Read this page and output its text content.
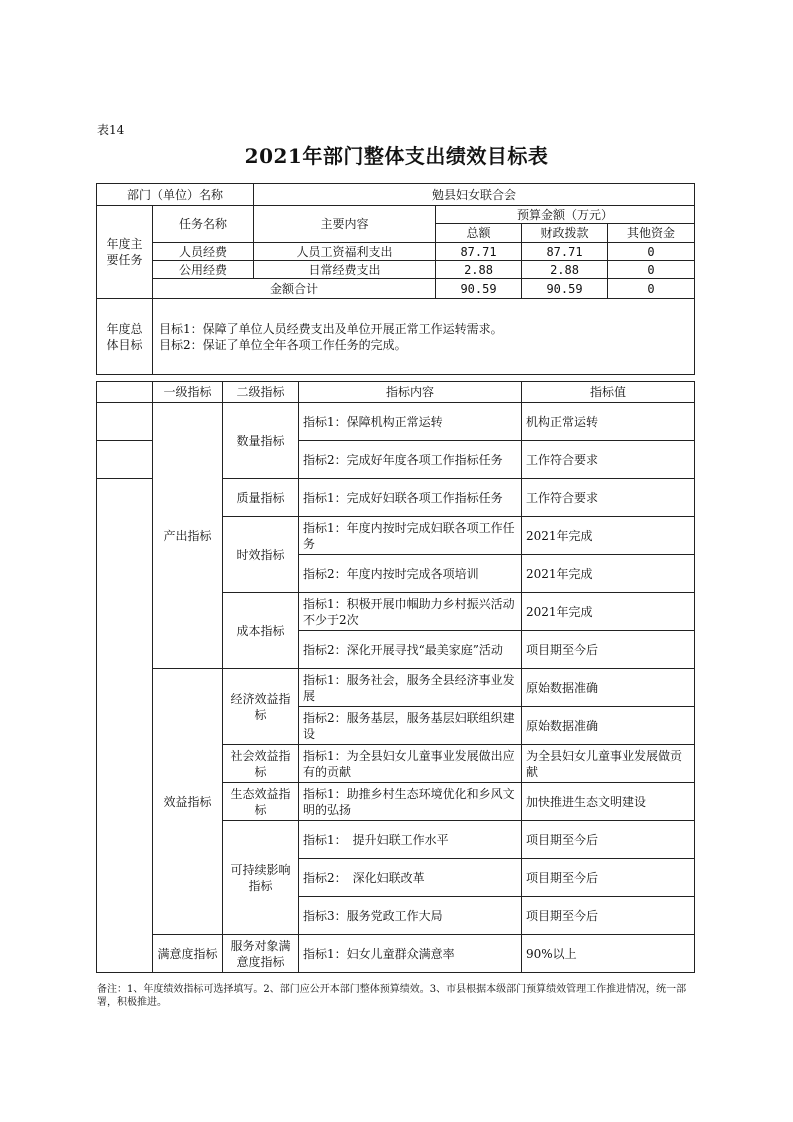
表14
2021年部门整体支出绩效目标表
部门（单位）名称		勉县妇女联合会			
年度主要任务	任务名称	主要内容	预算金额（万元）		
			总额	财政拨款	其他资金
	人员经费	人员工资福利支出	87.71	87.71	0
	公用经费	日常经费支出	2.88	2.88	0
	金额合计		90.59	90.59	0
年度总体目标	目标1：保障了单位人员经费支出及单位开展正常工作运转需求。
目标2：保证了单位全年各项工作任务的完成。				
	一级指标	二级指标	指标内容	指标值
	产出指标	数量指标	指标1：保障机构正常运转	机构正常运转
			指标2：完成好年度各项工作指标任务	工作符合要求
		质量指标	指标1：完成好妇联各项工作指标任务	工作符合要求
		时效指标	指标1：年度内按时完成妇联各项工作任务	2021年完成
			指标2：年度内按时完成各项培训	2021年完成
		成本指标	指标1：积极开展巾帼助力乡村振兴活动不少于2次	2021年完成
			指标2：深化开展寻找“最美家庭”活动	项目期至今后
	效益指标	经济效益指标	指标1：服务社会，服务全县经济事业发展	原始数据准确
			指标2：服务基层，服务基层妇联组织建设	原始数据准确
		社会效益指标	指标1：为全县妇女儿童事业发展做出应有的贡献	为全县妇女儿童事业发展做贡献
		生态效益指标	指标1：助推乡村生态环境优化和乡风文明的弘扬	加快推进生态文明建设
		可持续影响指标	指标1：　提升妇联工作水平	项目期至今后
			指标2：　深化妇联改革	项目期至今后
			指标3：服务党政工作大局	项目期至今后
	满意度指标	服务对象满意度指标	指标1：妇女儿童群众满意率	90%以上
备注：1、年度绩效指标可选择填写。2、部门应公开本部门整体预算绩效。3、市县根据本级部门预算绩效管理工作推进情况，统一部署，积极推进。
